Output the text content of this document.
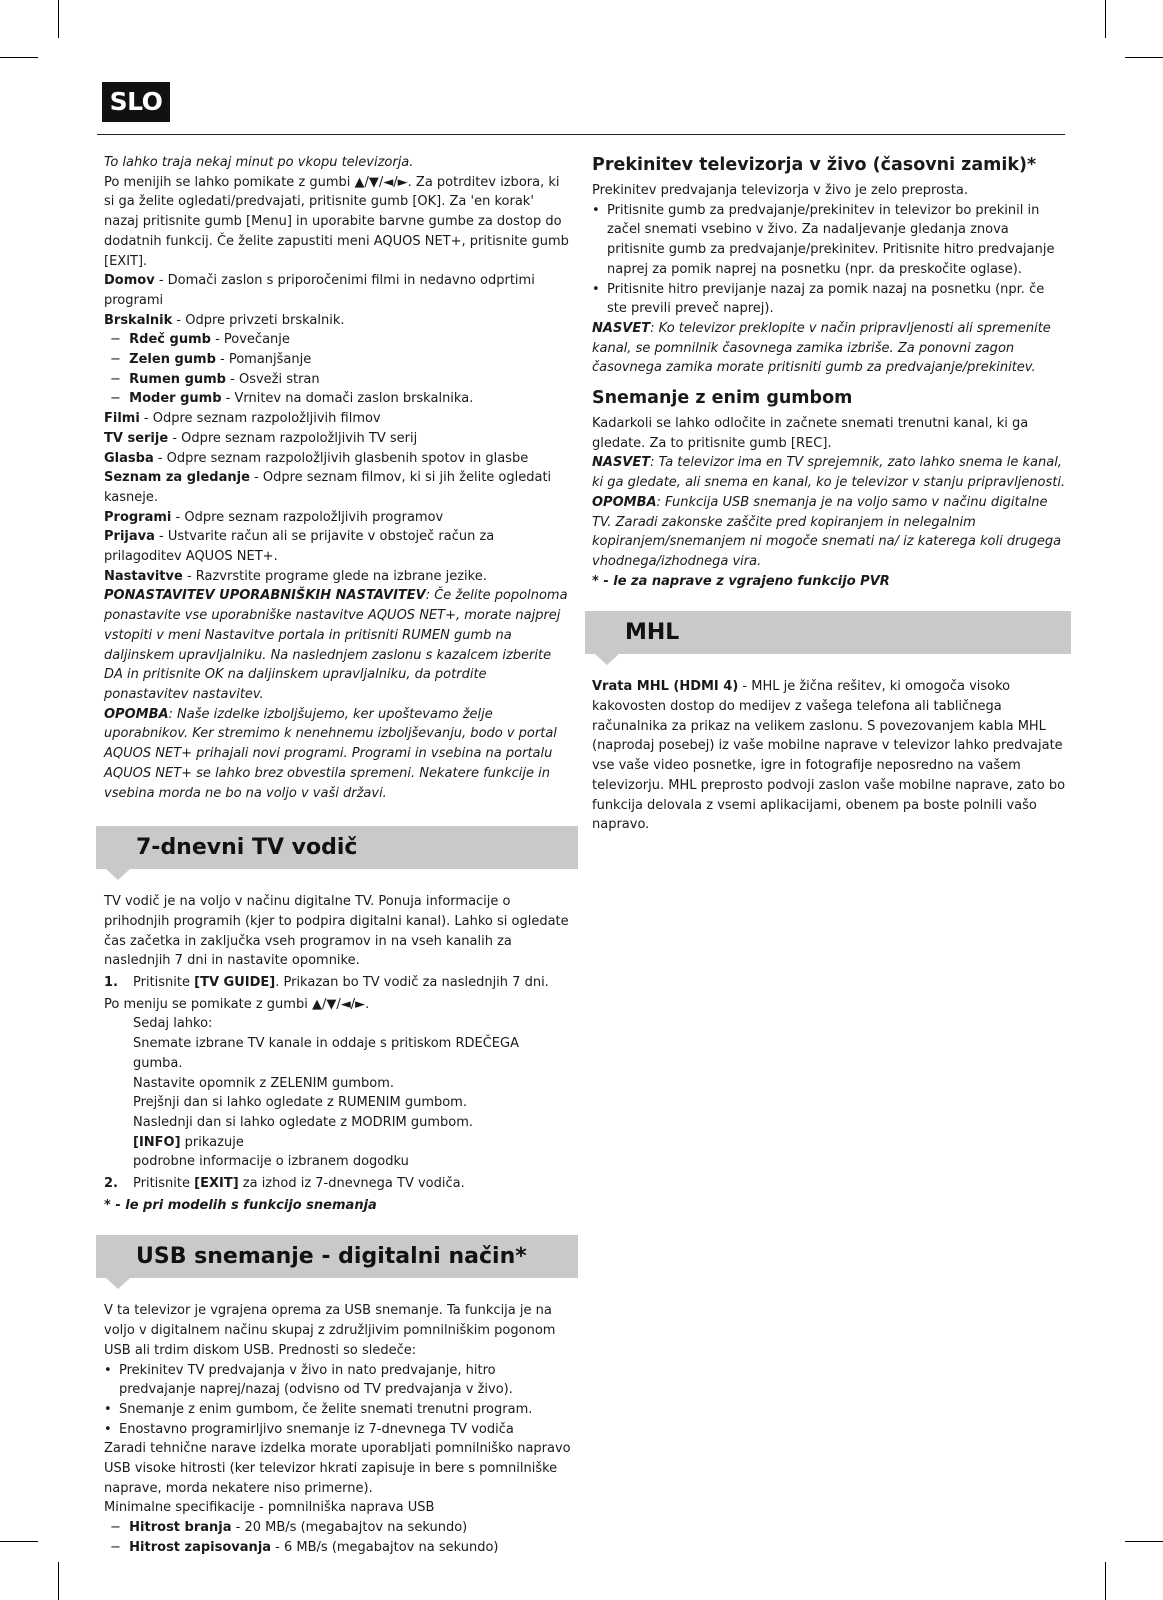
SLO

To lahko traja nekaj minut po vkopu televizorja.

Po menijih se lahko pomikate z gumbi ▲/▼/◄/►. Za potrditev izbora, ki si ga želite ogledati/predvajati, pritisnite gumb [OK]. Za 'en korak' nazaj pritisnite gumb [Menu] in uporabite barvne gumbe za dostop do dodatnih funkcij. Če želite zapustiti meni AQUOS NET+, pritisnite gumb [EXIT].

Domov - Domači zaslon s priporočenimi filmi in nedavno odprtimi programi

Brskalnik - Odpre privzeti brskalnik.

−  Rdeč gumb - Povečanje

−  Zelen gumb - Pomanjšanje

−  Rumen gumb - Osveži stran

−  Moder gumb - Vrnitev na domači zaslon brskalnika.

Filmi - Odpre seznam razpoložljivih filmov

TV serije - Odpre seznam razpoložljivih TV serij

Glasba - Odpre seznam razpoložljivih glasbenih spotov in glasbe

Seznam za gledanje - Odpre seznam filmov, ki si jih želite ogledati kasneje.

Programi - Odpre seznam razpoložljivih programov

Prijava - Ustvarite račun ali se prijavite v obstoječ račun za prilagoditev AQUOS NET+.

Nastavitve - Razvrstite programe glede na izbrane jezike.

PONASTAVITEV UPORABNIŠKIH NASTAVITEV: Če želite popolnoma ponastavite vse uporabniške nastavitve AQUOS NET+, morate najprej vstopiti v meni Nastavitve portala in pritisniti RUMEN gumb na daljinskem upravljalniku. Na naslednjem zaslonu s kazalcem izberite DA in pritisnite OK na daljinskem upravljalniku, da potrdite ponastavitev nastavitev.

OPOMBA: Naše izdelke izboljšujemo, ker upoštevamo želje uporabnikov. Ker stremimo k nenehnemu izboljševanju, bodo v portal AQUOS NET+ prihajali novi programi. Programi in vsebina na portalu AQUOS NET+ se lahko brez obvestila spremeni. Nekatere funkcije in vsebina morda ne bo na voljo v vaši državi.

7-dnevni TV vodič

TV vodič je na voljo v načinu digitalne TV. Ponuja informacije o prihodnjih programih (kjer to podpira digitalni kanal). Lahko si ogledate čas začetka in zaključka vseh programov in na vseh kanalih za naslednjih 7 dni in nastavite opomnike.

1.	Pritisnite [TV GUIDE]. Prikazan bo TV vodič za naslednjih 7 dni.

Po meniju se pomikate z gumbi ▲/▼/◄/►.

Sedaj lahko:

Snemate izbrane TV kanale in oddaje s pritiskom RDEČEGA gumba.

Nastavite opomnik z ZELENIM gumbom.

Prejšnji dan si lahko ogledate z RUMENIM gumbom.

Naslednji dan si lahko ogledate z MODRIM gumbom.

[INFO] prikazuje

podrobne informacije o izbranem dogodku

2.	Pritisnite [EXIT] za izhod iz 7-dnevnega TV vodiča.

* - le pri modelih s funkcijo snemanja

USB snemanje - digitalni način*

V ta televizor je vgrajena oprema za USB snemanje. Ta funkcija je na voljo v digitalnem načinu skupaj z združljivim pomnilniškim pogonom USB ali trdim diskom USB. Prednosti so sledeče:

• Prekinitev TV predvajanja v živo in nato predvajanje, hitro predvajanje naprej/nazaj (odvisno od TV predvajanja v živo).
• Snemanje z enim gumbom, če želite snemati trenutni program.
• Enostavno programirljivo snemanje iz 7-dnevnega TV vodiča

Zaradi tehnične narave izdelka morate uporabljati pomnilniško napravo USB visoke hitrosti (ker televizor hkrati zapisuje in bere s pomnilniške naprave, morda nekatere niso primerne).

Minimalne specifikacije - pomnilniška naprava USB

−  Hitrost branja - 20 MB/s (megabajtov na sekundo)

−  Hitrost zapisovanja - 6 MB/s (megabajtov na sekundo)

Prekinitev televizorja v živo (časovni zamik)*

Prekinitev predvajanja televizorja v živo je zelo preprosta.

• Pritisnite gumb za predvajanje/prekinitev in televizor bo prekinil in začel snemati vsebino v živo. Za nadaljevanje gledanja znova pritisnite gumb za predvajanje/prekinitev. Pritisnite hitro predvajanje naprej za pomik naprej na posnetku (npr. da preskočite oglase).
• Pritisnite hitro previjanje nazaj za pomik nazaj na posnetku (npr. če ste previli preveč naprej).

NASVET: Ko televizor preklopite v način pripravljenosti ali spremenite kanal, se pomnilnik časovnega zamika izbriše. Za ponovni zagon časovnega zamika morate pritisniti gumb za predvajanje/prekinitev.

Snemanje z enim gumbom

Kadarkoli se lahko odločite in začnete snemati trenutni kanal, ki ga gledate. Za to pritisnite gumb [REC].

NASVET: Ta televizor ima en TV sprejemnik, zato lahko snema le kanal, ki ga gledate, ali snema en kanal, ko je televizor v stanju pripravljenosti.

OPOMBA: Funkcija USB snemanja je na voljo samo v načinu digitalne TV. Zaradi zakonske zaščite pred kopiranjem in nelegalnim kopiranjem/snemanjem ni mogoče snemati na/ iz katerega koli drugega vhodnega/izhodnega vira.

* - le za naprave z vgrajeno funkcijo PVR

MHL

Vrata MHL (HDMI 4) - MHL je žična rešitev, ki omogoča visoko kakovosten dostop do medijev z vašega telefona ali tabličnega računalnika za prikaz na velikem zaslonu. S povezovanjem kabla MHL (naprodaj posebej) iz vaše mobilne naprave v televizor lahko predvajate vse vaše video posnetke, igre in fotografije neposredno na vašem televizorju. MHL preprosto podvoji zaslon vaše mobilne naprave, zato bo funkcija delovala z vsemi aplikacijami, obenem pa boste polnili vašo napravo.
